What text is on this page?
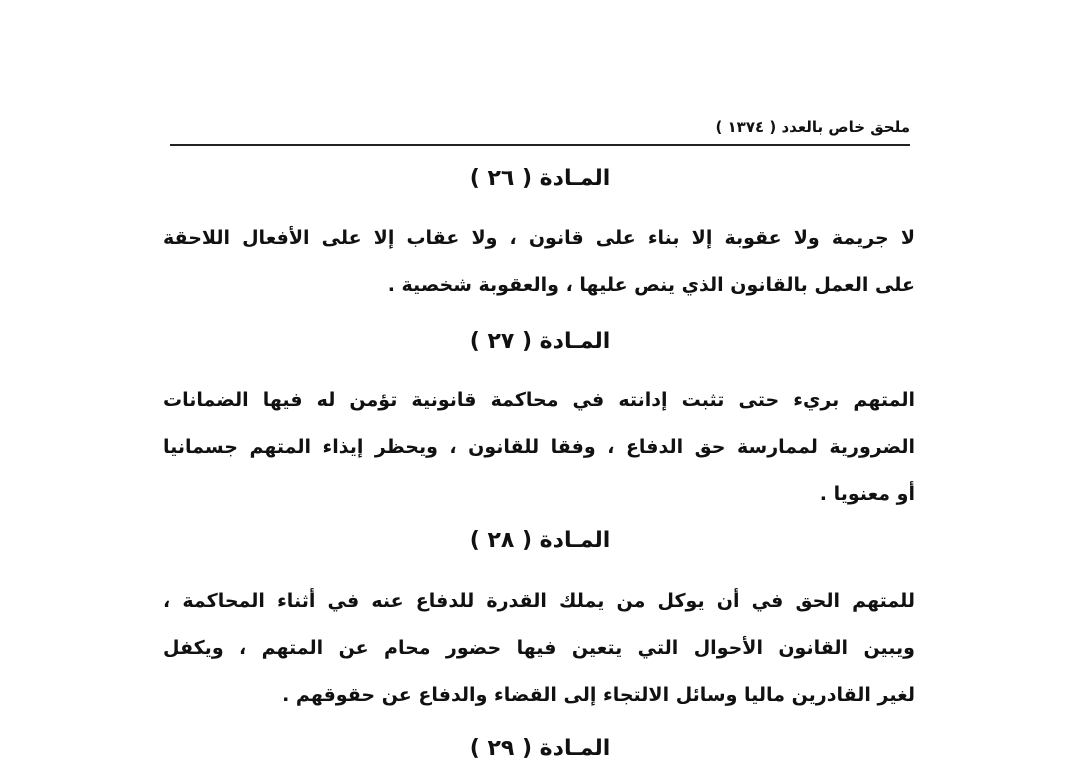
ملحق خاص بالعدد ( ١٣٧٤ )
المـادة ( ٢٦ )
لا جريمة ولا عقوبة إلا بناء على قانون ، ولا عقاب إلا على الأفعال اللاحقة
على العمل بالقانون الذي ينص عليها ، والعقوبة شخصية .
المـادة ( ٢٧ )
المتهم بريء حتى تثبت إدانته في محاكمة قانونية تؤمن له فيها الضمانات
الضرورية لممارسة حق الدفاع ، وفقا للقانون ، ويحظر إيذاء المتهم جسمانيا
أو معنويا .
المـادة ( ٢٨ )
للمتهم الحق في أن يوكل من يملك القدرة للدفاع عنه في أثناء المحاكمة ،
ويبين القانون الأحوال التي يتعين فيها حضور محام عن المتهم ، ويكفل
لغير القادرين ماليا وسائل الالتجاء إلى القضاء والدفاع عن حقوقهم .
المـادة ( ٢٩ )
